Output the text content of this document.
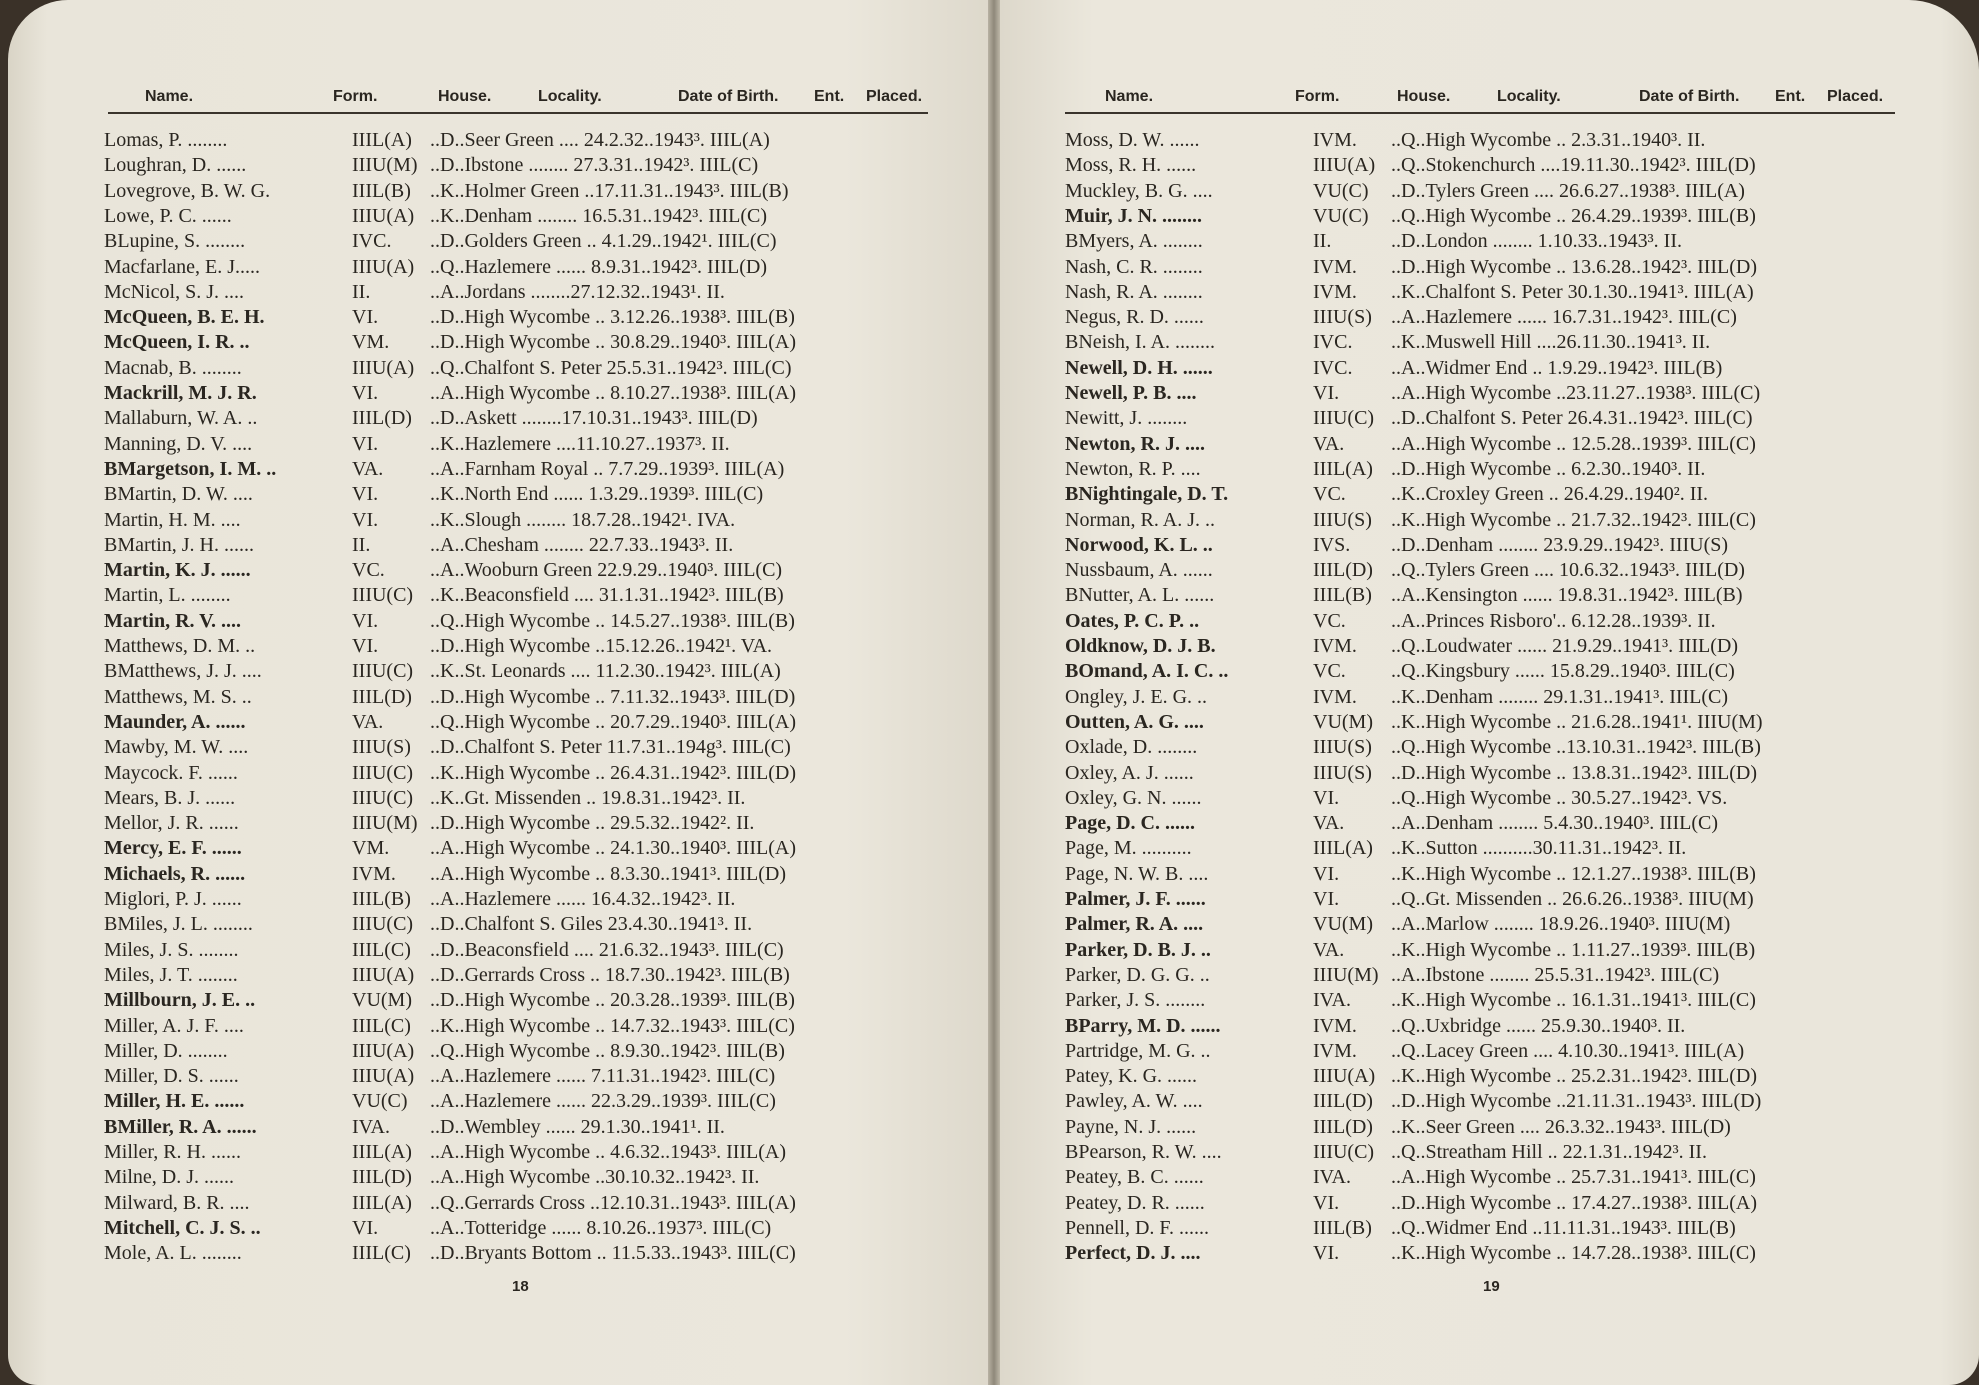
Name.	Form.	House.	Locality.	Date of Birth. Ent. Placed.
Lomas, P. ........	IIIL(A) ..D..Seer Green .... 24.2.32..1943³. IIIL(A)
Loughran, D. ......	IIIU(M) ..D..Ibstone ........ 27.3.31..1942³. IIIL(C)
Lovegrove, B. W. G.	IIIL(B) ..K..Holmer Green ..17.11.31..1943³. IIIL(B)
Lowe, P. C. ......	IIIU(A) ..K..Denham ........ 16.5.31..1942³. IIIL(C)
BLupine, S. ........	IVC. ..D..Golders Green .. 4.1.29..1942¹. IIIL(C)
Macfarlane, E. J.....	IIIU(A) ..Q..Hazlemere ...... 8.9.31..1942³. IIIL(D)
McNicol, S. J. ....	II.	..A..Jordans ........27.12.32..1943¹. II.
McQueen, B. E. H.	VI.	..D..High Wycombe .. 3.12.26..1938³. IIIL(B)
McQueen, I. R. ..	VM. ..D..High Wycombe .. 30.8.29..1940³. IIIL(A)
Macnab, B. ........	IIIU(A) ..Q..Chalfont S. Peter 25.5.31..1942³. IIIL(C)
Mackrill, M. J. R.	VI.	..A..High Wycombe .. 8.10.27..1938³. IIIL(A)
Mallaburn, W. A. ..	IIIL(D) ..D..Askett ........17.10.31..1943³. IIIL(D)
Manning, D. V. ....	VI.	..K..Hazlemere ....11.10.27..1937³. II.
BMargetson, I. M. ..	VA. ..A..Farnham Royal .. 7.7.29..1939³. IIIL(A)
BMartin, D. W. ....	VI.	..K..North End ...... 1.3.29..1939³. IIIL(C)
Martin, H. M. ....	VI.	..K..Slough ........ 18.7.28..1942¹. IVA.
BMartin, J. H. ......	II.	..A..Chesham ........ 22.7.33..1943³. II.
Martin, K. J. ......	VC. ..A..Wooburn Green 22.9.29..1940³. IIIL(C)
Martin, L. ........	IIIU(C) ..K..Beaconsfield .... 31.1.31..1942³. IIIL(B)
Martin, R. V. ....	VI.	..Q..High Wycombe .. 14.5.27..1938³. IIIL(B)
Matthews, D. M. ..	VI.	..D..High Wycombe ..15.12.26..1942¹. VA.
BMatthews, J. J. ....	IIIU(C) ..K..St. Leonards .... 11.2.30..1942³. IIIL(A)
Matthews, M. S. ..	IIIL(D) ..D..High Wycombe .. 7.11.32..1943³. IIIL(D)
Maunder, A. ......	VA. ..Q..High Wycombe .. 20.7.29..1940³. IIIL(A)
Mawby, M. W. ....	IIIU(S) ..D..Chalfont S. Peter 11.7.31..194g³. IIIL(C)
Maycock. F. ......	IIIU(C) ..K..High Wycombe .. 26.4.31..1942³. IIIL(D)
Mears, B. J. ......	IIIU(C) ..K..Gt. Missenden .. 19.8.31..1942³. II.
Mellor, J. R. ......	IIIU(M) ..D..High Wycombe .. 29.5.32..1942². II.
Mercy, E. F. ......	VM. ..A..High Wycombe .. 24.1.30..1940³. IIIL(A)
Michaels, R. ......	IVM. ..A..High Wycombe .. 8.3.30..1941³. IIIL(D)
Miglori, P. J. ......	IIIL(B) ..A..Hazlemere ...... 16.4.32..1942³. II.
BMiles, J. L. ........	IIIU(C) ..D..Chalfont S. Giles 23.4.30..1941³. II.
Miles, J. S. ........	IIIL(C) ..D..Beaconsfield .... 21.6.32..1943³. IIIL(C)
Miles, J. T. ........	IIIU(A) ..D..Gerrards Cross .. 18.7.30..1942³. IIIL(B)
Millbourn, J. E. ..	VU(M) ..D..High Wycombe .. 20.3.28..1939³. IIIL(B)
Miller, A. J. F. ....	IIIL(C) ..K..High Wycombe .. 14.7.32..1943³. IIIL(C)
Miller, D. ........	IIIU(A) ..Q..High Wycombe .. 8.9.30..1942³. IIIL(B)
Miller, D. S. ......	IIIU(A) ..A..Hazlemere ...... 7.11.31..1942³. IIIL(C)
Miller, H. E. ......	VU(C) ..A..Hazlemere ...... 22.3.29..1939³. IIIL(C)
BMiller, R. A. ......	IVA. ..D..Wembley ...... 29.1.30..1941¹. II.
Miller, R. H. ......	IIIL(A) ..A..High Wycombe .. 4.6.32..1943³. IIIL(A)
Milne, D. J. ......	IIIL(D) ..A..High Wycombe ..30.10.32..1942³. II.
Milward, B. R. ....	IIIL(A) ..Q..Gerrards Cross ..12.10.31..1943³. IIIL(A)
Mitchell, C. J. S. ..	VI.	..A..Totteridge ...... 8.10.26..1937³. IIIL(C)
Mole, A. L. ........	IIIL(C) ..D..Bryants Bottom .. 11.5.33..1943³. IIIL(C)
18
Name.	Form.	House.	Locality.	Date of Birth. Ent. Placed.
Moss, D. W. ......	IVM. ..Q..High Wycombe .. 2.3.31..1940³. II.
Moss, R. H. ......	IIIU(A) ..Q..Stokenchurch ....19.11.30..1942³. IIIL(D)
Muckley, B. G. ....	VU(C) ..D..Tylers Green .... 26.6.27..1938³. IIIL(A)
Muir, J. N. ........	VU(C) ..Q..High Wycombe .. 26.4.29..1939³. IIIL(B)
BMyers, A. ........	II.	..D..London ........ 1.10.33..1943³. II.
Nash, C. R. ........	IVM. ..D..High Wycombe .. 13.6.28..1942³. IIIL(D)
Nash, R. A. ........	IVM. ..K..Chalfont S. Peter 30.1.30..1941³. IIIL(A)
Negus, R. D. ......	IIIU(S) ..A..Hazlemere ...... 16.7.31..1942³. IIIL(C)
BNeish, I. A. ........	IVC. ..K..Muswell Hill ....26.11.30..1941³. II.
Newell, D. H. ......	IVC. ..A..Widmer End .. 1.9.29..1942³. IIIL(B)
Newell, P. B. ....	VI.	..A..High Wycombe ..23.11.27..1938³. IIIL(C)
Newitt, J. ........	IIIU(C) ..D..Chalfont S. Peter 26.4.31..1942³. IIIL(C)
Newton, R. J. ....	VA. ..A..High Wycombe .. 12.5.28..1939³. IIIL(C)
Newton, R. P. ....	IIIL(A) ..D..High Wycombe .. 6.2.30..1940³. II.
BNightingale, D. T.	VC. ..K..Croxley Green .. 26.4.29..1940². II.
Norman, R. A. J. ..	IIIU(S) ..K..High Wycombe .. 21.7.32..1942³. IIIL(C)
Norwood, K. L. ..	IVS. ..D..Denham ........ 23.9.29..1942³. IIIU(S)
Nussbaum, A. ......	IIIL(D) ..Q..Tylers Green .... 10.6.32..1943³. IIIL(D)
BNutter, A. L. ......	IIIL(B) ..A..Kensington ...... 19.8.31..1942³. IIIL(B)
Oates, P. C. P. ..	VC. ..A..Princes Risboro'.. 6.12.28..1939³. II.
Oldknow, D. J. B.	IVM. ..Q..Loudwater ...... 21.9.29..1941³. IIIL(D)
BOmand, A. I. C. ..	VC. ..Q..Kingsbury ...... 15.8.29..1940³. IIIL(C)
Ongley, J. E. G. ..	IVM. ..K..Denham ........ 29.1.31..1941³. IIIL(C)
Outten, A. G. ....	VU(M) ..K..High Wycombe .. 21.6.28..1941¹. IIIU(M)
Oxlade, D. ........	IIIU(S) ..Q..High Wycombe ..13.10.31..1942³. IIIL(B)
Oxley, A. J. ......	IIIU(S) ..D..High Wycombe .. 13.8.31..1942³. IIIL(D)
Oxley, G. N. ......	VI.	..Q..High Wycombe .. 30.5.27..1942³. VS.
Page, D. C. ......	VA. ..A..Denham ........ 5.4.30..1940³. IIIL(C)
Page, M. ..........	IIIL(A) ..K..Sutton ..........30.11.31..1942³. II.
Page, N. W. B. ....	VI.	..K..High Wycombe .. 12.1.27..1938³. IIIL(B)
Palmer, J. F. ......	VI.	..Q..Gt. Missenden .. 26.6.26..1938³. IIIU(M)
Palmer, R. A. ....	VU(M) ..A..Marlow ........ 18.9.26..1940³. IIIU(M)
Parker, D. B. J. ..	VA. ..K..High Wycombe .. 1.11.27..1939³. IIIL(B)
Parker, D. G. G. ..	IIIU(M) ..A..Ibstone ........ 25.5.31..1942³. IIIL(C)
Parker, J. S. ........	IVA. ..K..High Wycombe .. 16.1.31..1941³. IIIL(C)
BParry, M. D. ......	IVM. ..Q..Uxbridge ...... 25.9.30..1940³. II.
Partridge, M. G. ..	IVM. ..Q..Lacey Green .... 4.10.30..1941³. IIIL(A)
Patey, K. G. ......	IIIU(A) ..K..High Wycombe .. 25.2.31..1942³. IIIL(D)
Pawley, A. W. ....	IIIL(D) ..D..High Wycombe ..21.11.31..1943³. IIIL(D)
Payne, N. J. ......	IIIL(D) ..K..Seer Green .... 26.3.32..1943³. IIIL(D)
BPearson, R. W. ....	IIIU(C) ..Q..Streatham Hill .. 22.1.31..1942³. II.
Peatey, B. C. ......	IVA. ..A..High Wycombe .. 25.7.31..1941³. IIIL(C)
Peatey, D. R. ......	VI.	..D..High Wycombe .. 17.4.27..1938³. IIIL(A)
Pennell, D. F. ......	IIIL(B) ..Q..Widmer End ..11.11.31..1943³. IIIL(B)
Perfect, D. J. ....	VI.	..K..High Wycombe .. 14.7.28..1938³. IIIL(C)
19
